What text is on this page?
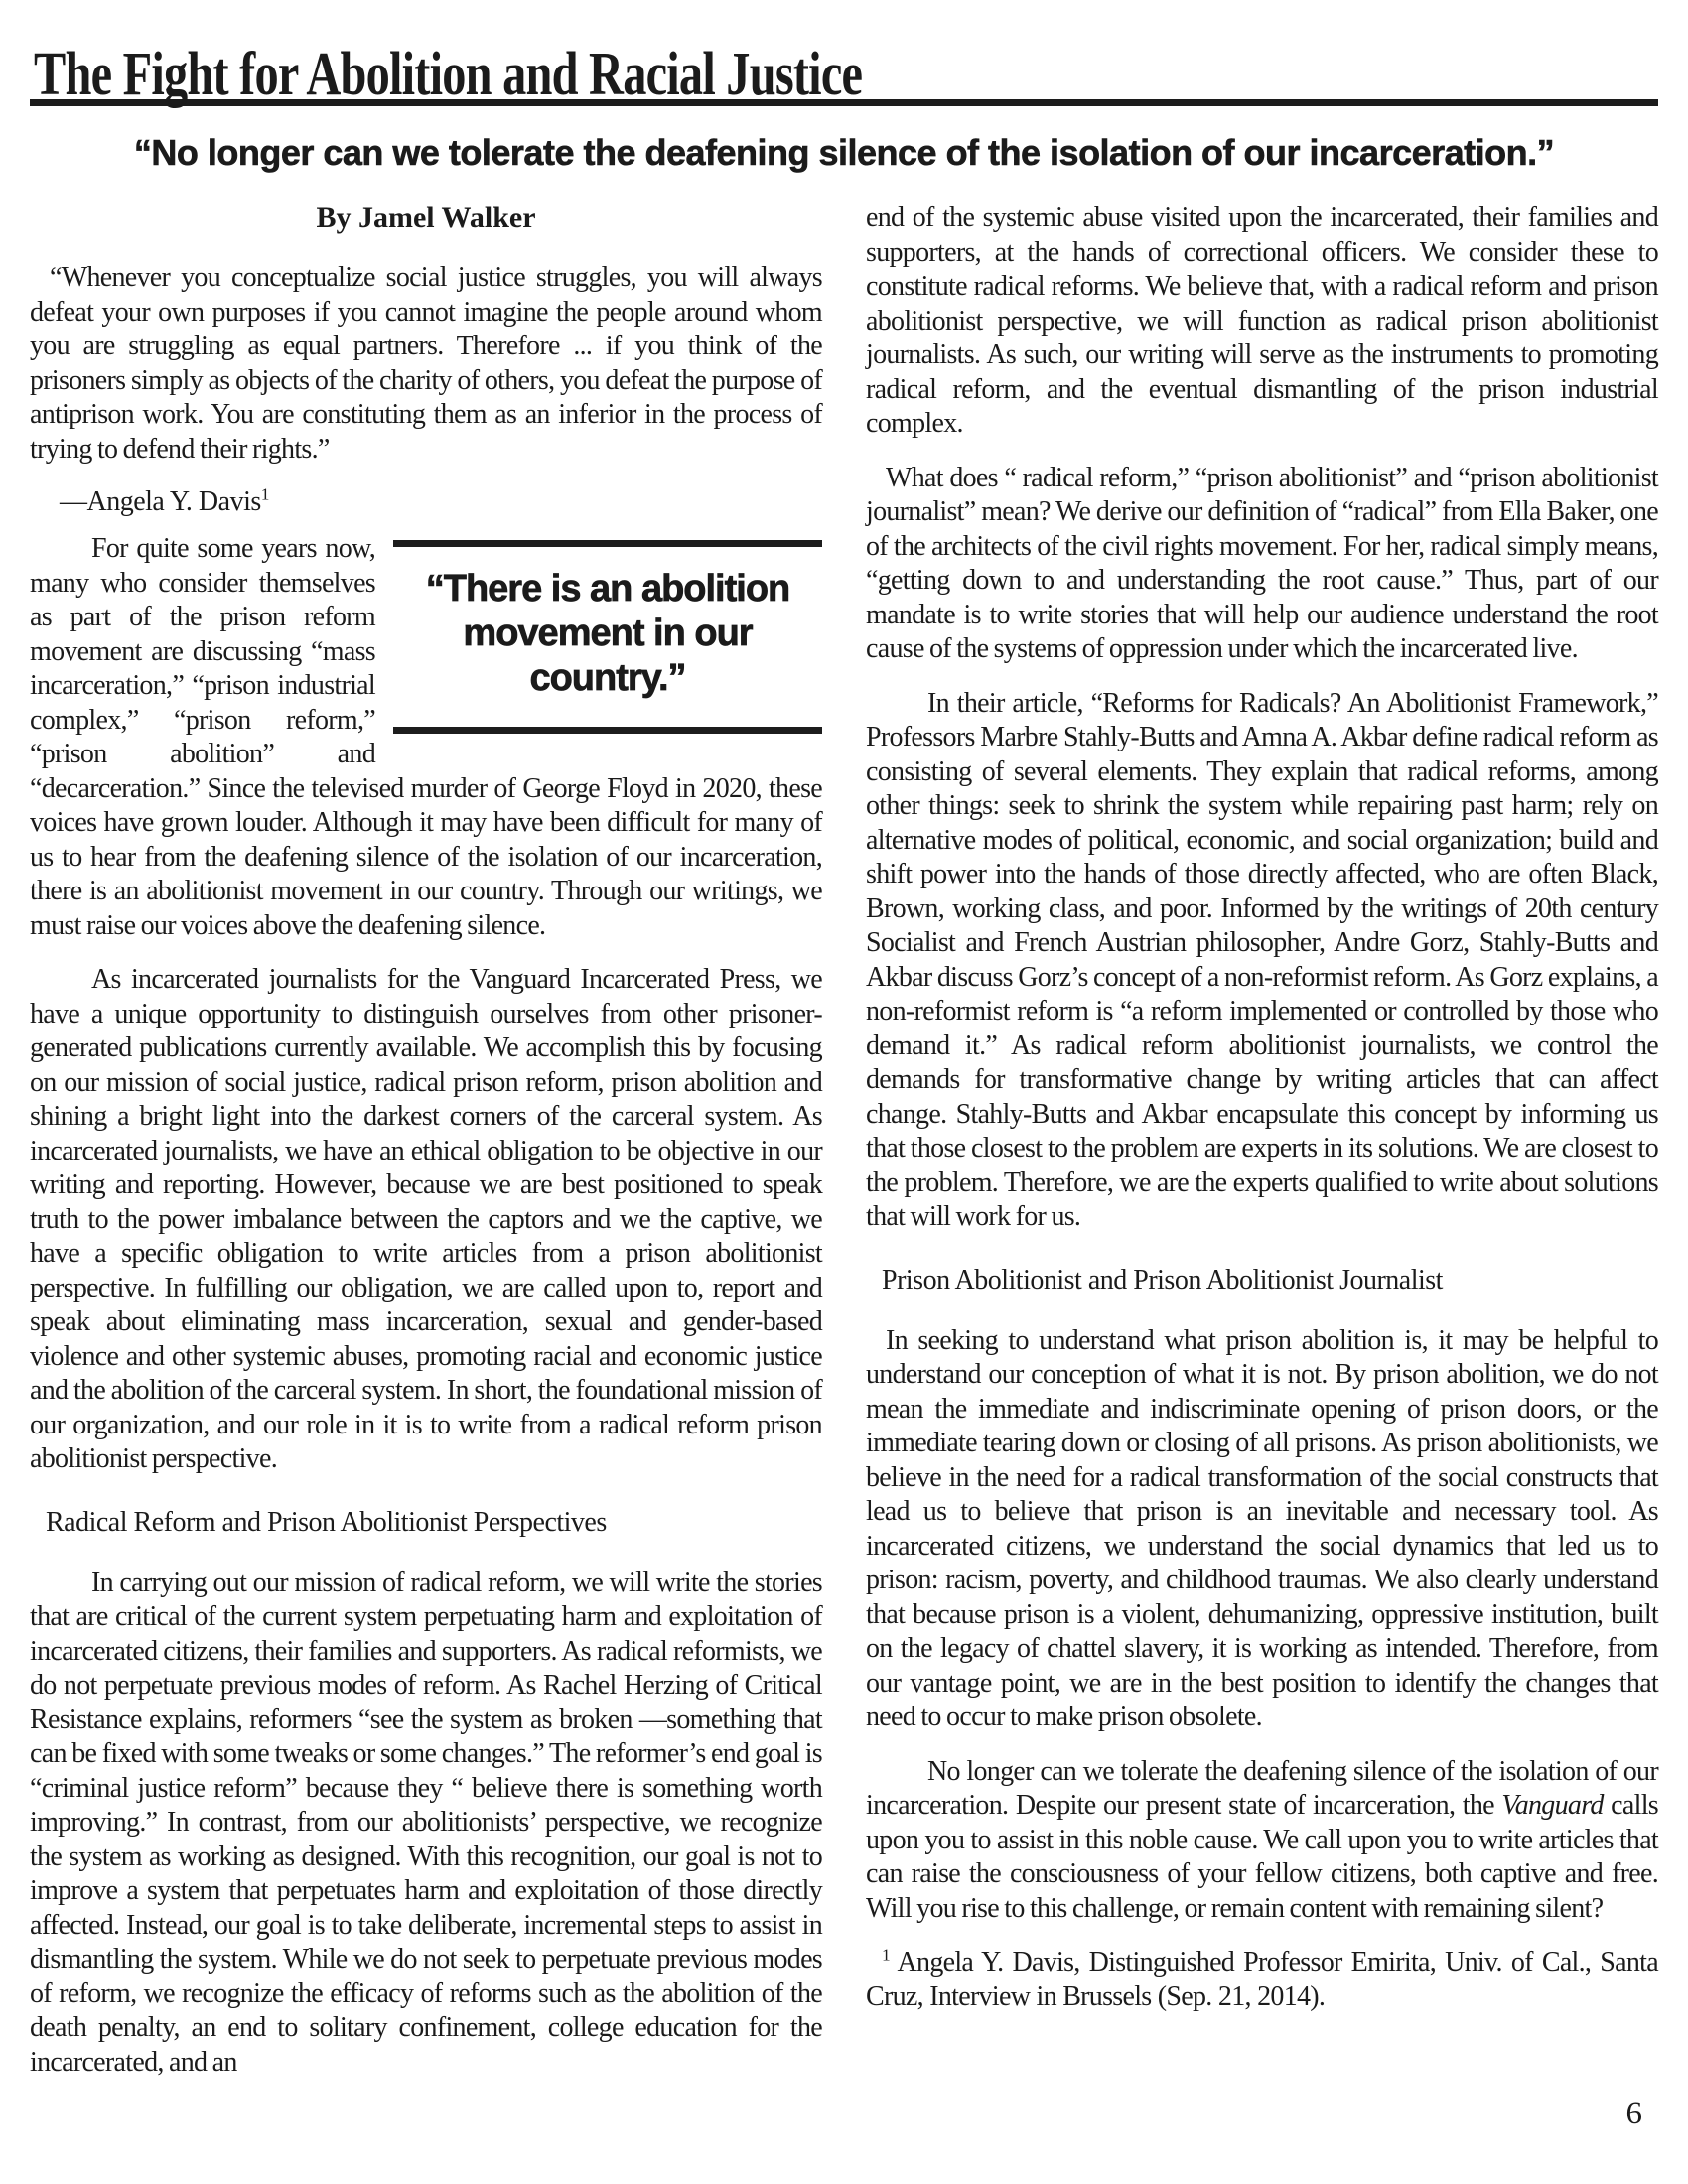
The Fight for Abolition and Racial Justice
“No longer can we tolerate the deafening silence of the isolation of our incarceration.”

By Jamel Walker

“Whenever you conceptualize social justice struggles, you will always defeat your own purposes if you cannot imagine the people around whom you are struggling as equal partners. Therefore ... if you think of the prisoners simply as objects of the charity of others, you defeat the purpose of antiprison work. You are constituting them as an inferior in the process of trying to defend their rights.”

—Angela Y. Davis$^1$

“There is an abolition movement in our country.”

For quite some years now, many who consider themselves as part of the prison reform movement are discussing “mass incarceration,” “prison industrial complex,” “prison reform,” “prison abolition” and “decarceration.” Since the televised murder of George Floyd in 2020, these voices have grown louder. Although it may have been difficult for many of us to hear from the deafening silence of the isolation of our incarceration, there is an abolitionist movement in our country. Through our writings, we must raise our voices above the deafening silence.

As incarcerated journalists for the Vanguard Incarcerated Press, we have a unique opportunity to distinguish ourselves from other prisoner-generated publications currently available. We accomplish this by focusing on our mission of social justice, radical prison reform, prison abolition and shining a bright light into the darkest corners of the carceral system. As incarcerated journalists, we have an ethical obligation to be objective in our writing and reporting. However, because we are best positioned to speak truth to the power imbalance between the captors and we the captive, we have a specific obligation to write articles from a prison abolitionist perspective. In fulfilling our obligation, we are called upon to, report and speak about eliminating mass incarceration, sexual and gender-based violence and other systemic abuses, promoting racial and economic justice and the abolition of the carceral system. In short, the foundational mission of our organization, and our role in it is to write from a radical reform prison abolitionist perspective.

Radical Reform and Prison Abolitionist Perspectives

In carrying out our mission of radical reform, we will write the stories that are critical of the current system perpetuating harm and exploitation of incarcerated citizens, their families and supporters. As radical reformists, we do not perpetuate previous modes of reform. As Rachel Herzing of Critical Resistance explains, reformers “see the system as broken —something that can be fixed with some tweaks or some changes.” The reformer’s end goal is “criminal justice reform” because they “ believe there is something worth improving.” In contrast, from our abolitionists’ perspective, we recognize the system as working as designed. With this recognition, our goal is not to improve a system that perpetuates harm and exploitation of those directly affected. Instead, our goal is to take deliberate, incremental steps to assist in dismantling the system. While we do not seek to perpetuate previous modes of reform, we recognize the efficacy of reforms such as the abolition of the death penalty, an end to solitary confinement, college education for the incarcerated, and an

end of the systemic abuse visited upon the incarcerated, their families and supporters, at the hands of correctional officers. We consider these to constitute radical reforms. We believe that, with a radical reform and prison abolitionist perspective, we will function as radical prison abolitionist journalists. As such, our writing will serve as the instruments to promoting radical reform, and the eventual dismantling of the prison industrial complex.

What does “ radical reform,” “prison abolitionist” and “prison abolitionist journalist” mean? We derive our definition of “radical” from Ella Baker, one of the architects of the civil rights movement. For her, radical simply means, “getting down to and understanding the root cause.” Thus, part of our mandate is to write stories that will help our audience understand the root cause of the systems of oppression under which the incarcerated live.

In their article, “Reforms for Radicals? An Abolitionist Framework,” Professors Marbre Stahly-Butts and Amna A. Akbar define radical reform as consisting of several elements. They explain that radical reforms, among other things: seek to shrink the system while repairing past harm; rely on alternative modes of political, economic, and social organization; build and shift power into the hands of those directly affected, who are often Black, Brown, working class, and poor. Informed by the writings of 20th century Socialist and French Austrian philosopher, Andre Gorz, Stahly-Butts and Akbar discuss Gorz’s concept of a non-reformist reform. As Gorz explains, a non-reformist reform is “a reform implemented or controlled by those who demand it.” As radical reform abolitionist journalists, we control the demands for transformative change by writing articles that can affect change. Stahly-Butts and Akbar encapsulate this concept by informing us that those closest to the problem are experts in its solutions. We are closest to the problem. Therefore, we are the experts qualified to write about solutions that will work for us.

Prison Abolitionist and Prison Abolitionist Journalist

In seeking to understand what prison abolition is, it may be helpful to understand our conception of what it is not. By prison abolition, we do not mean the immediate and indiscriminate opening of prison doors, or the immediate tearing down or closing of all prisons. As prison abolitionists, we believe in the need for a radical transformation of the social constructs that lead us to believe that prison is an inevitable and necessary tool. As incarcerated citizens, we understand the social dynamics that led us to prison: racism, poverty, and childhood traumas. We also clearly understand that because prison is a violent, dehumanizing, oppressive institution, built on the legacy of chattel slavery, it is working as intended. Therefore, from our vantage point, we are in the best position to identify the changes that need to occur to make prison obsolete.

No longer can we tolerate the deafening silence of the isolation of our incarceration. Despite our present state of incarceration, the Vanguard calls upon you to assist in this noble cause. We call upon you to write articles that can raise the consciousness of your fellow citizens, both captive and free. Will you rise to this challenge, or remain content with remaining silent?

$^1$ Angela Y. Davis, Distinguished Professor Emirita, Univ. of Cal., Santa Cruz, Interview in Brussels (Sep. 21, 2014).

6
